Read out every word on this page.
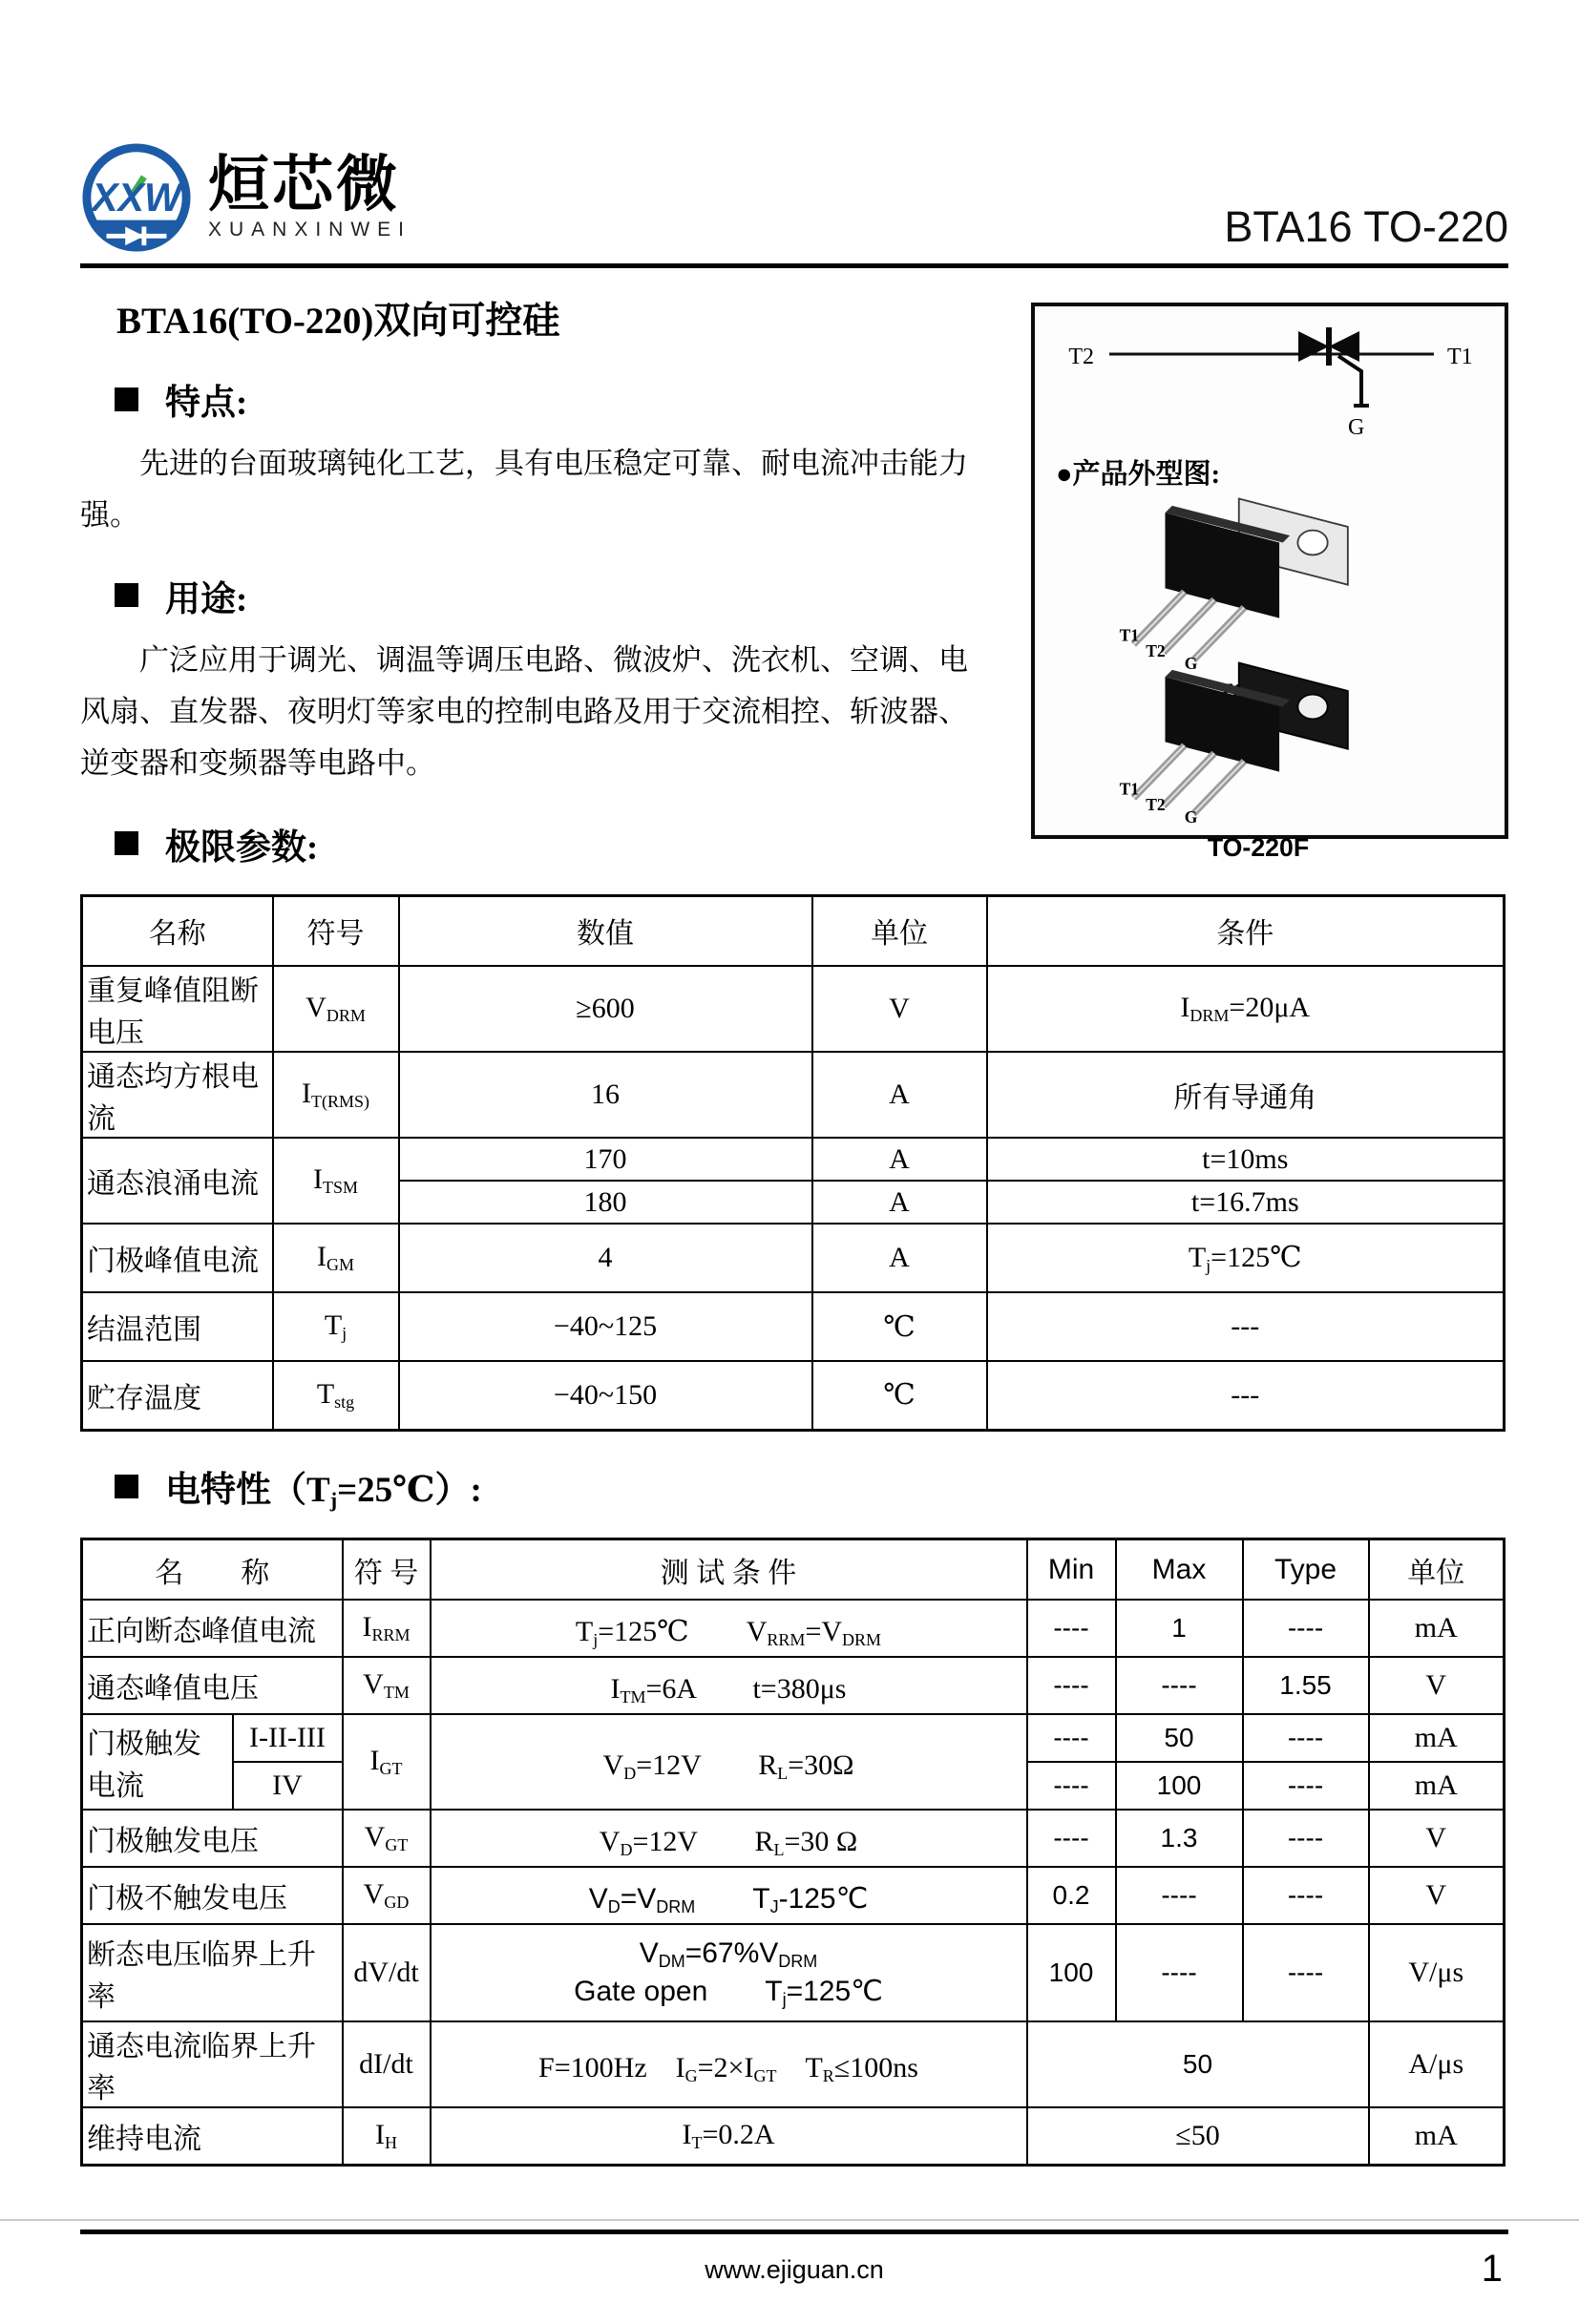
XXW 烜芯微
XUANXINWEI	BTA16 TO-220
BTA16(TO-220)双向可控硅
T2	T1
G
●产品外型图:
T1
T2
G
T1
T2
G
TO-220F
特点:

先进的台面玻璃钝化工艺，具有电压稳定可靠、耐电流冲击能力强。

用途:

广泛应用于调光、调温等调压电路、微波炉、洗衣机、空调、电风扇、直发器、夜明灯等家电的控制电路及用于交流相控、斩波器、逆变器和变频器等电路中。

极限参数:
名称	符号	数值	单位	条件
重复峰值阻断电压	$V_{DRM}$	≥600	V	$I_{DRM}=20\mu A$
通态均方根电流	$I_{T(RMS)}$	16	A	所有导通角
通态浪涌电流	$I_{TSM}$	170	A	t=10ms
		180	A	t=16.7ms
门极峰值电流	$I_{GM}$	4	A	$T_j=125℃$
结温范围	$T_j$	−40~125	℃	---
贮存温度	$T_{stg}$	−40~150	℃	---
电特性$(T_j=25℃)$:
名　　称		符 号	测 试 条 件	Min	Max	Type	单位
正向断态峰值电流		$I_{RRM}$	$T_j=125℃$　　$V_{RRM}=V_{DRM}$	----	1	----	mA
通态峰值电压		$V_{TM}$	$I_{TM}=6A$　　t=380μs	----	----	1.55	V
门极触发电流	I-II-III	$I_{GT}$	$V_D=12V$　　$R_L=30\Omega$	----	50	----	mA
	IV			----	100	----	mA
门极触发电压		$V_{GT}$	$V_D=12V$　　$R_L=30$ Ω	----	1.3	----	V
门极不触发电压		$V_{GD}$	$V_D=V_{DRM}$　　$T_J-125℃$	0.2	----	----	V
断态电压临界上升率		dV/dt	$V_{DM}=67\%V_{DRM}$
Gate open　　$T_j=125℃$	100	----	----	V/μs
通态电流临界上升率		dI/dt	F=100Hz　$I_G=2\times I_{GT}$　$T_R\le 100ns$	50			A/μs
维持电流		$I_H$	$I_T=0.2A$	≤50			mA
www.ejiguan.cn	1
